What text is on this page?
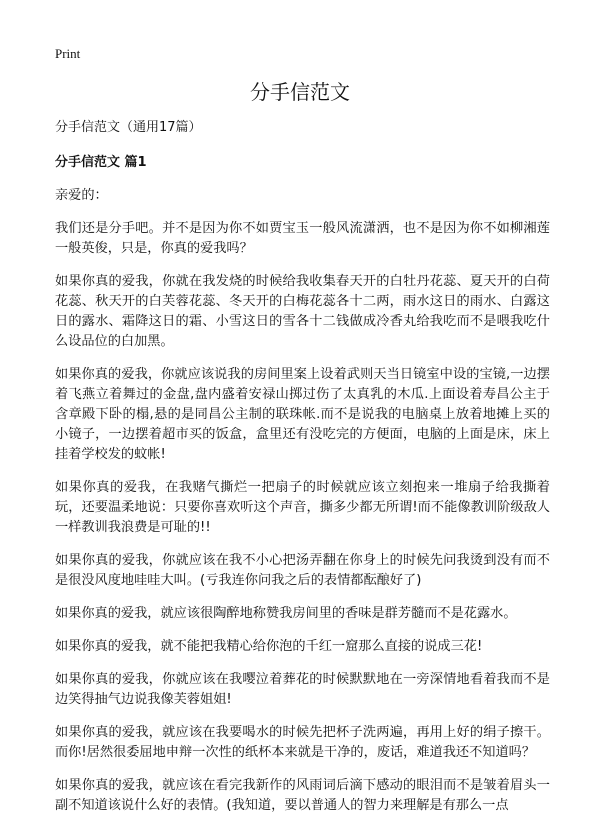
Print
分手信范文

分手信范文（通用17篇）

分手信范文 篇1

亲爱的：

我们还是分手吧。并不是因为你不如贾宝玉一般风流潇洒，也不是因为你不如柳湘莲一般英俊，只是，你真的爱我吗？

如果你真的爱我，你就在我发烧的时候给我收集春天开的白牡丹花蕊、夏天开的白荷花蕊、秋天开的白芙蓉花蕊、冬天开的白梅花蕊各十二两，雨水这日的雨水、白露这日的露水、霜降这日的霜、小雪这日的雪各十二钱做成冷香丸给我吃而不是喂我吃什么设品位的白加黑。

如果你真的爱我，你就应该说我的房间里案上设着武则天当日镜室中设的宝镜,一边摆着飞燕立着舞过的金盘,盘内盛着安禄山掷过伤了太真乳的木瓜.上面设着寿昌公主于含章殿下卧的榻,悬的是同昌公主制的联珠帐.而不是说我的电脑桌上放着地摊上买的小镜子，一边摆着超市买的饭盒，盒里还有没吃完的方便面，电脑的上面是床，床上挂着学校发的蚊帐!

如果你真的爱我，在我赌气撕烂一把扇子的时候就应该立刻抱来一堆扇子给我撕着玩，还要温柔地说：只要你喜欢听这个声音，撕多少都无所谓!而不能像教训阶级敌人一样教训我浪费是可耻的!!

如果你真的爱我，你就应该在我不小心把汤弄翻在你身上的时候先问我烫到没有而不是很没风度地哇哇大叫。(亏我连你问我之后的表情都酝酿好了)

如果你真的爱我，就应该很陶醉地称赞我房间里的香味是群芳髓而不是花露水。

如果你真的爱我，就不能把我精心给你泡的千红一窟那么直接的说成三花!

如果你真的爱我，你就应该在我嘤泣着葬花的时候默默地在一旁深情地看着我而不是边笑得抽气边说我像芙蓉姐姐!

如果你真的爱我，就应该在我要喝水的时候先把杯子洗两遍，再用上好的绢子擦干。而你!居然很委屈地申辩一次性的纸杯本来就是干净的，废话，难道我还不知道吗？

如果你真的爱我，就应该在看完我新作的风雨词后滴下感动的眼泪而不是皱着眉头一副不知道该说什么好的表情。(我知道，要以普通人的智力来理解是有那么一点
